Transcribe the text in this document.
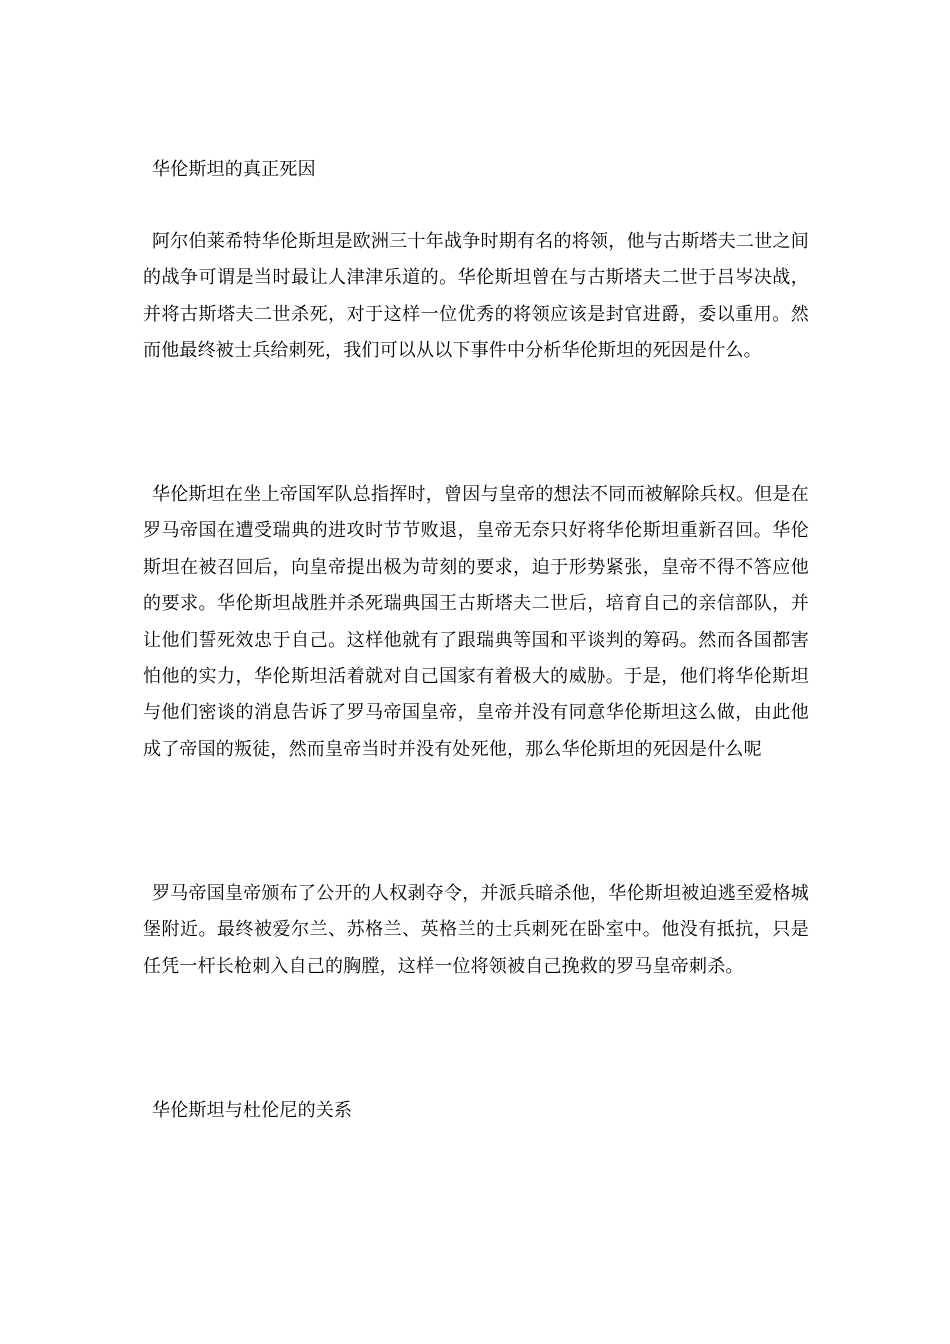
华伦斯坦的真正死因

阿尔伯莱希特华伦斯坦是欧洲三十年战争时期有名的将领，他与古斯塔夫二世之间的战争可谓是当时最让人津津乐道的。华伦斯坦曾在与古斯塔夫二世于吕岑决战，并将古斯塔夫二世杀死，对于这样一位优秀的将领应该是封官进爵，委以重用。然而他最终被士兵给刺死，我们可以从以下事件中分析华伦斯坦的死因是什么。

华伦斯坦在坐上帝国军队总指挥时，曾因与皇帝的想法不同而被解除兵权。但是在罗马帝国在遭受瑞典的进攻时节节败退，皇帝无奈只好将华伦斯坦重新召回。华伦斯坦在被召回后，向皇帝提出极为苛刻的要求，迫于形势紧张，皇帝不得不答应他的要求。华伦斯坦战胜并杀死瑞典国王古斯塔夫二世后，培育自己的亲信部队，并让他们誓死效忠于自己。这样他就有了跟瑞典等国和平谈判的筹码。然而各国都害怕他的实力，华伦斯坦活着就对自己国家有着极大的威胁。于是，他们将华伦斯坦与他们密谈的消息告诉了罗马帝国皇帝，皇帝并没有同意华伦斯坦这么做，由此他成了帝国的叛徒，然而皇帝当时并没有处死他，那么华伦斯坦的死因是什么呢

罗马帝国皇帝颁布了公开的人权剥夺令，并派兵暗杀他，华伦斯坦被迫逃至爱格城堡附近。最终被爱尔兰、苏格兰、英格兰的士兵刺死在卧室中。他没有抵抗，只是任凭一杆长枪刺入自己的胸膛，这样一位将领被自己挽救的罗马皇帝刺杀。

华伦斯坦与杜伦尼的关系
